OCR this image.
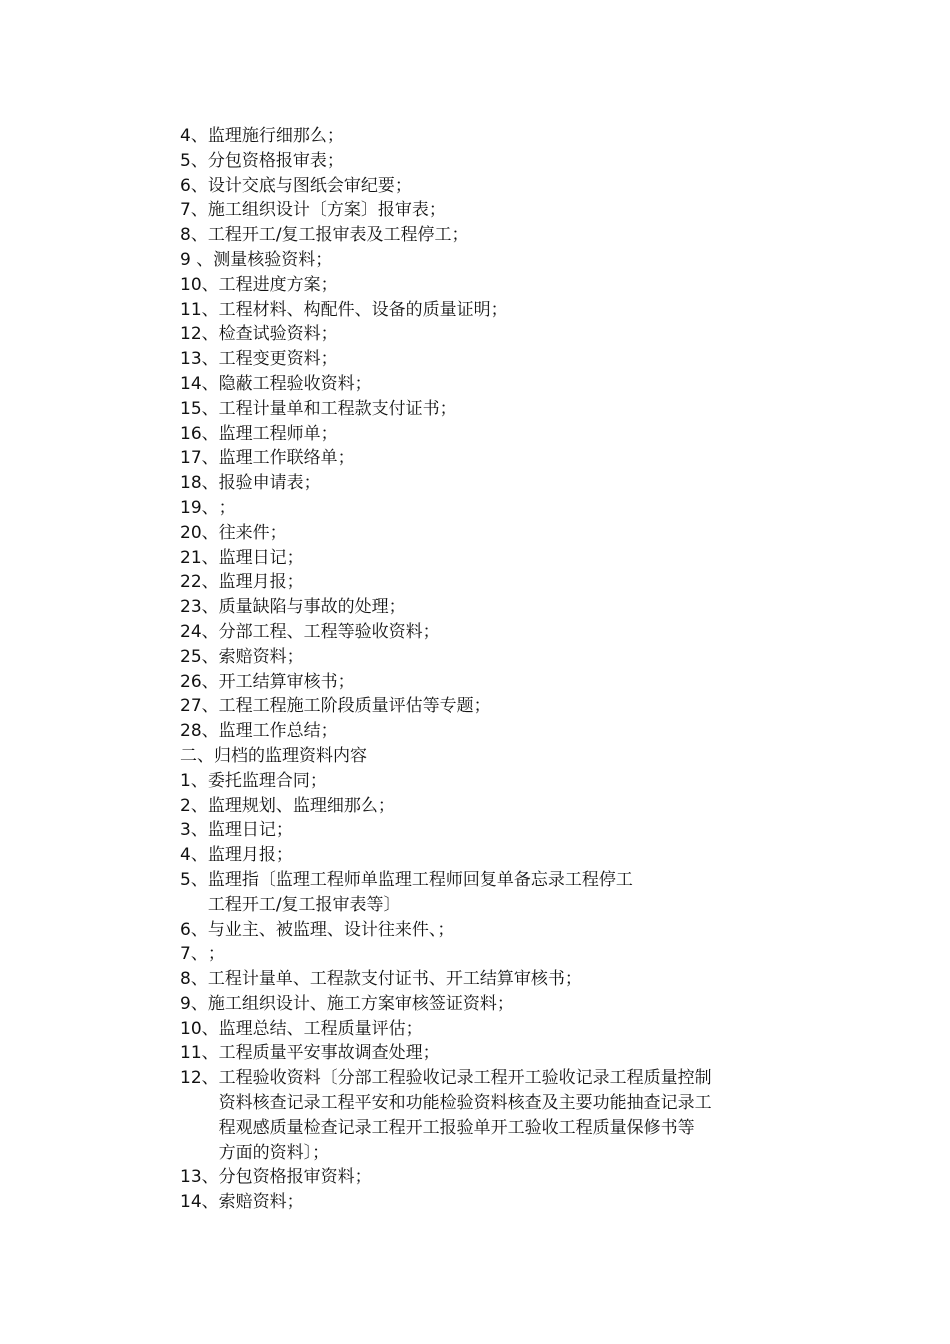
4、 监理施行细那么；
5、 分包资格报审表；
6、 设计交底与图纸会审纪要；
7、 施工组织设计〔方案〕报审表；
8、 工程开工/复工报审表及工程停工；
9 、 测量核验资料；
10、 工程进度方案；
11、 工程材料、构配件、设备的质量证明；
12、 检查试验资料；
13、 工程变更资料；
14、 隐蔽工程验收资料；
15、 工程计量单和工程款支付证书；
16、 监理工程师单；
17、 监理工作联络单；
18、 报验申请表；
19、 ；
20、 往来件；
21、 监理日记；
22、 监理月报；
23、 质量缺陷与事故的处理；
24、 分部工程、工程等验收资料；
25、 索赔资料；
26、 开工结算审核书；
27、 工程工程施工阶段质量评估等专题；
28、 监理工作总结；
二、归档的监理资料内容
1、 委托监理合同；
2、 监理规划、监理细那么；
3、 监理日记；
4、 监理月报；
5、 监理指〔监理工程师单监理工程师回复单备忘录工程停工
工程开工/复工报审表等〕
6、 与业主、被监理、设计往来件、；
7、 ；
8、 工程计量单、工程款支付证书、开工结算审核书；
9、 施工组织设计、施工方案审核签证资料；
10、 监理总结、工程质量评估；
11、 工程质量平安事故调查处理；
12、 工程验收资料〔分部工程验收记录工程开工验收记录工程质量控制
资料核查记录工程平安和功能检验资料核查及主要功能抽查记录工
程观感质量检查记录工程开工报验单开工验收工程质量保修书等
方面的资料〕；
13、 分包资格报审资料；
14、 索赔资料；
